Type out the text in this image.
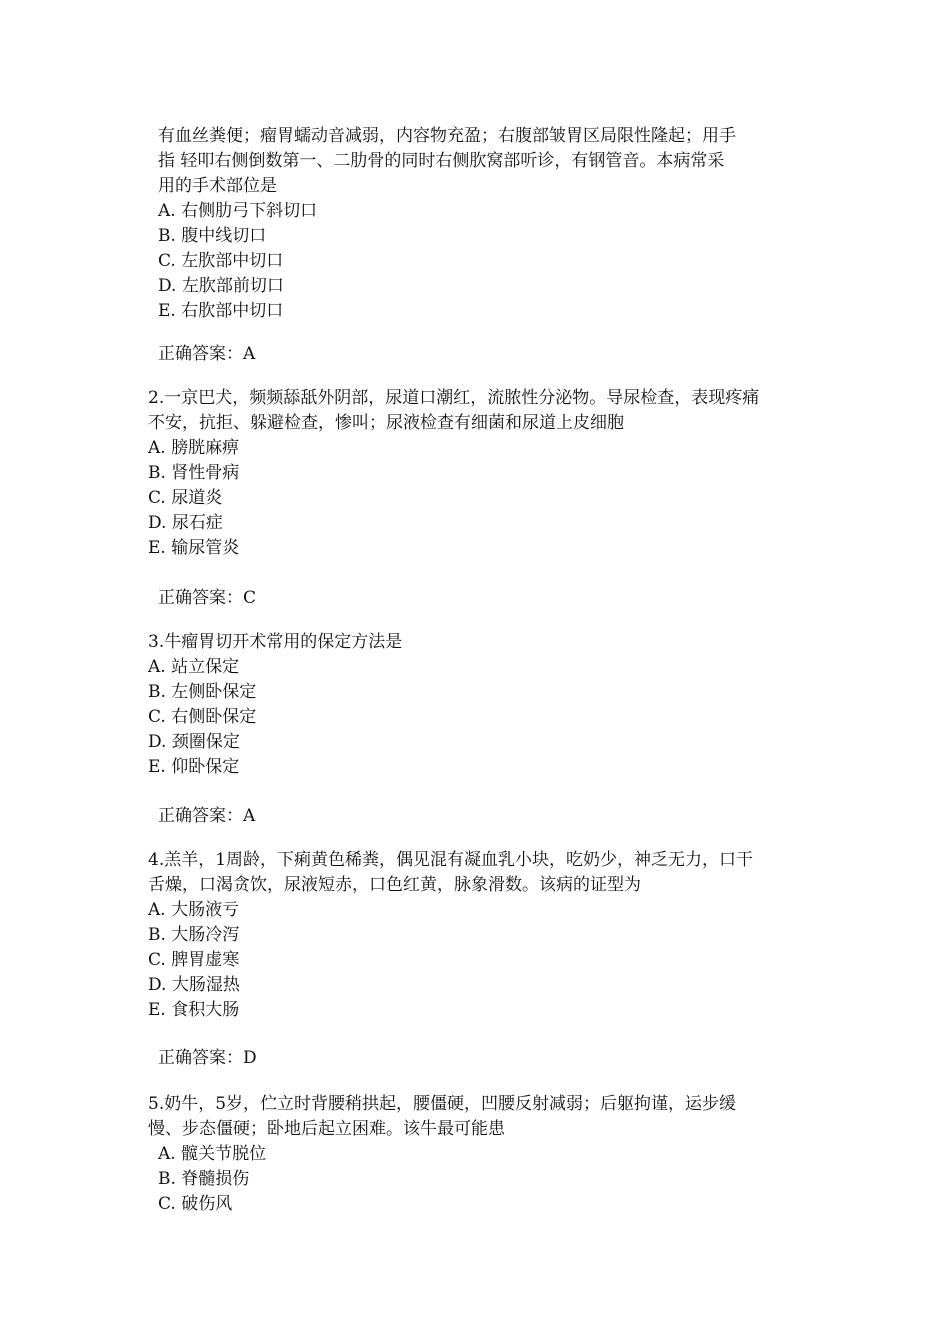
有血丝粪便；瘤胃蠕动音减弱，内容物充盈；右腹部皱胃区局限性隆起；用手
指 轻叩右侧倒数第一、二肋骨的同时右侧肷窝部听诊，有钢管音。本病常采
用的手术部位是
A. 右侧肋弓下斜切口
B. 腹中线切口
C. 左肷部中切口
D. 左肷部前切口
E. 右肷部中切口
正确答案：A
2.一京巴犬，频频舔舐外阴部，尿道口潮红，流脓性分泌物。导尿检查，表现疼痛
不安，抗拒、躲避检查，惨叫；尿液检查有细菌和尿道上皮细胞
A. 膀胱麻痹
B. 肾性骨病
C. 尿道炎
D. 尿石症
E. 输尿管炎
正确答案：C
3.牛瘤胃切开术常用的保定方法是
A. 站立保定
B. 左侧卧保定
C. 右侧卧保定
D. 颈圈保定
E. 仰卧保定
正确答案：A
4.羔羊，1周龄，下痢黄色稀粪，偶见混有凝血乳小块，吃奶少，神乏无力，口干
舌燥，口渴贪饮，尿液短赤，口色红黄，脉象滑数。该病的证型为
A. 大肠液亏
B. 大肠冷泻
C. 脾胃虚寒
D. 大肠湿热
E. 食积大肠
正确答案：D
5.奶牛，5岁，伫立时背腰稍拱起，腰僵硬，凹腰反射减弱；后躯拘谨，运步缓
慢、步态僵硬；卧地后起立困难。该牛最可能患
A. 髋关节脱位
B. 脊髓损伤
C. 破伤风
